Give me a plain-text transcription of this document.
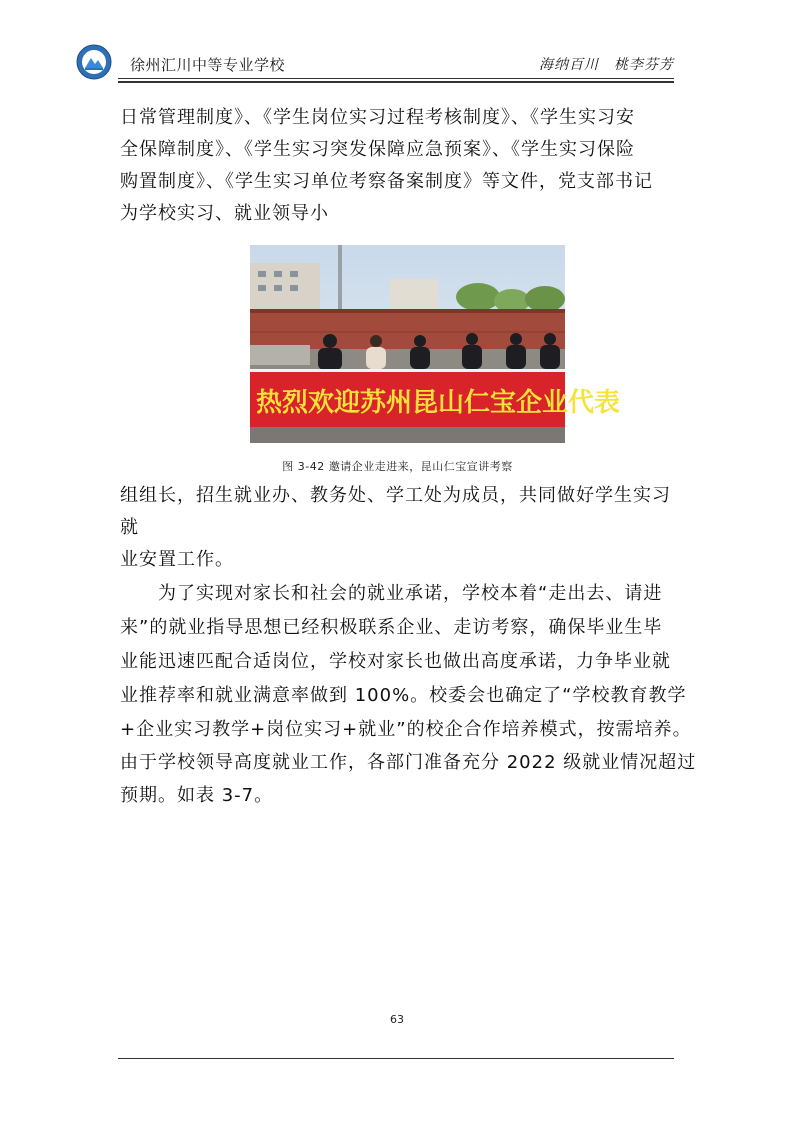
徐州汇川中等专业学校	海纳百川　桃李芬芳

日常管理制度》、《学生岗位实习过程考核制度》、《学生实习安

全保障制度》、《学生实习突发保障应急预案》、《学生实习保险

购置制度》、《学生实习单位考察备案制度》等文件，党支部书记

为学校实习、就业领导小

热烈欢迎苏州昆山仁宝企业代表
图 3-42 邀请企业走进来，昆山仁宝宣讲考察

组组长，招生就业办、教务处、学工处为成员，共同做好学生实习

就

业安置工作。

　　为了实现对家长和社会的就业承诺，学校本着“走出去、请进

来”的就业指导思想已经积极联系企业、走访考察，确保毕业生毕

业能迅速匹配合适岗位，学校对家长也做出高度承诺，力争毕业就

业推荐率和就业满意率做到 100%。校委会也确定了“学校教育教学

+企业实习教学+岗位实习+就业”的校企合作培养模式，按需培养。

由于学校领导高度就业工作，各部门准备充分 2022 级就业情况超过

预期。如表 3-7。

63
